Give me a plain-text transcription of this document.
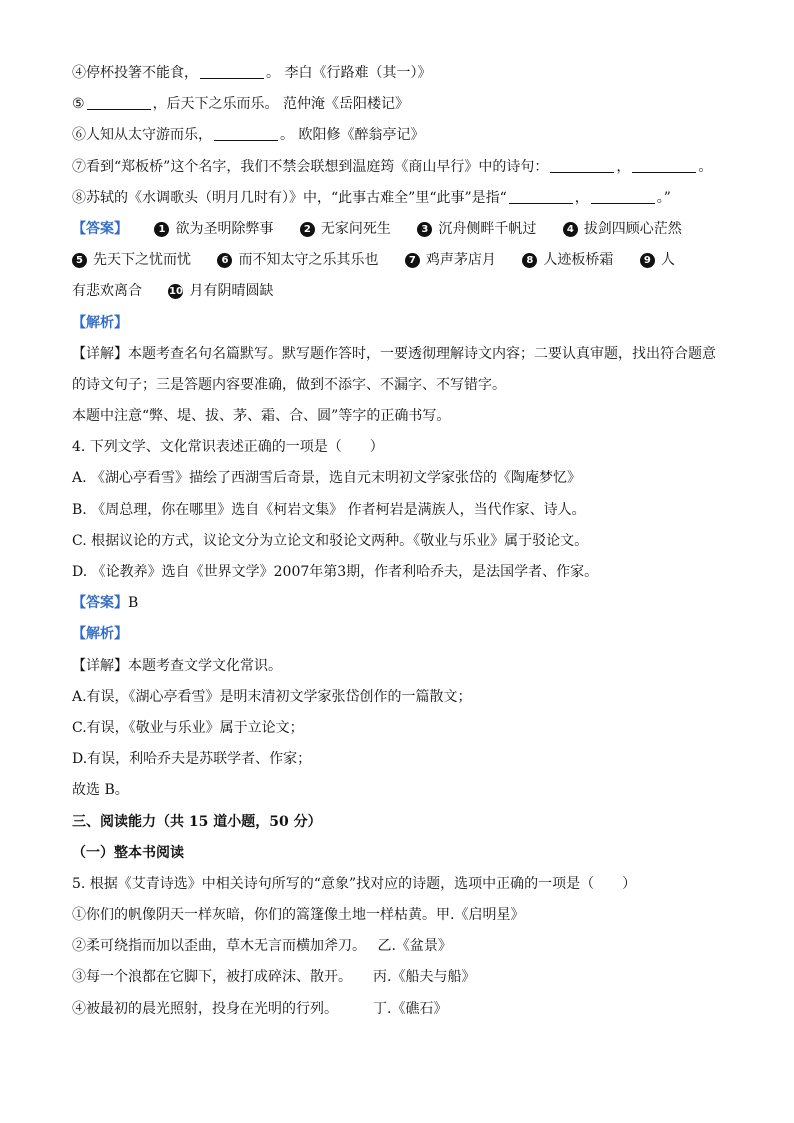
④停杯投箸不能食，	。 李白《行路难（其一）》
⑤	，后天下之乐而乐。 范仲淹《岳阳楼记》
⑥人知从太守游而乐，	。 欧阳修《醉翁亭记》
⑦看到“郑板桥”这个名字，我们不禁会联想到温庭筠《商山早行》中的诗句：	，	。
⑧苏轼的《水调歌头（明月几时有）》中，“此事古难全”里“此事”是指“	，	。”
【答案】	1 欲为圣明除弊事	2 无家问死生	3 沉舟侧畔千帆过	4 拔剑四顾心茫然
5 先天下之忧而忧	6 而不知太守之乐其乐也	7 鸡声茅店月	8 人迹板桥霜	9 人
有悲欢离合	10 月有阴晴圆缺
【解析】
【详解】本题考查名句名篇默写。默写题作答时，一要透彻理解诗文内容；二要认真审题，找出符合题意
的诗文句子；三是答题内容要准确，做到不添字、不漏字、不写错字。
本题中注意“弊、堤、拔、茅、霜、合、圆”等字的正确书写。
4. 下列文学、文化常识表述正确的一项是（　　）
A. 《湖心亭看雪》描绘了西湖雪后奇景，选自元末明初文学家张岱的《陶庵梦忆》
B. 《周总理，你在哪里》选自《柯岩文集》 作者柯岩是满族人，当代作家、诗人。
C. 根据议论的方式，议论文分为立论文和驳论文两种。《敬业与乐业》属于驳论文。
D. 《论教养》选自《世界文学》2007年第3期，作者利哈乔夫，是法国学者、作家。
【答案】B
【解析】
【详解】本题考查文学文化常识。
A.有误，《湖心亭看雪》是明末清初文学家张岱创作的一篇散文；
C.有误，《敬业与乐业》属于立论文；
D.有误，利哈乔夫是苏联学者、作家；
故选 B。
三、阅读能力（共 15 道小题，50 分）
（一）整本书阅读
5. 根据《艾青诗选》中相关诗句所写的“意象”找对应的诗题，选项中正确的一项是（　　）
①你们的帆像阴天一样灰暗，你们的篙篷像土地一样枯黄。甲.《启明星》
②柔可绕指而加以歪曲，草木无言而横加斧刀。　 乙.《盆景》
③每一个浪都在它脚下，被打成碎沫、散开。　　丙.《船夫与船》
④被最初的晨光照射，投身在光明的行列。　　　丁.《礁石》
